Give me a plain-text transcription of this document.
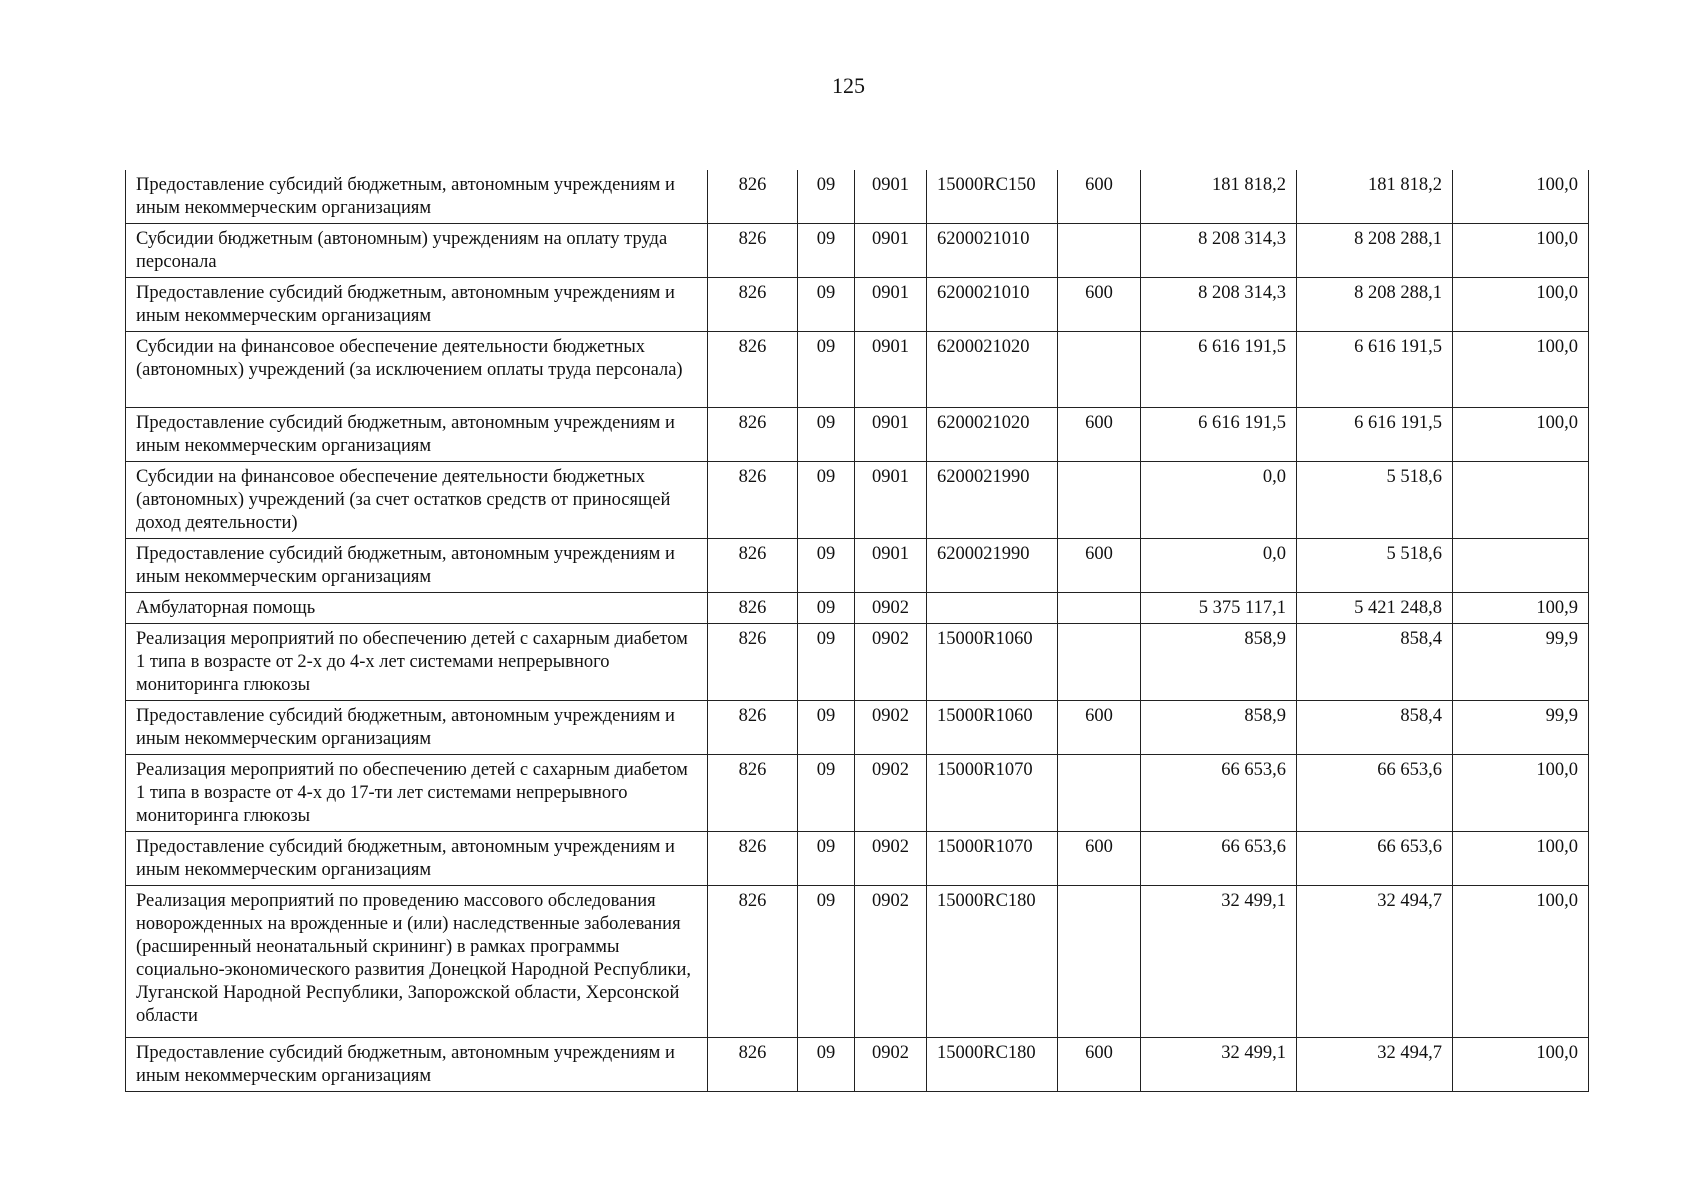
125
Предоставление субсидий бюджетным, автономным учреждениям и иным некоммерческим организациям	826	09	0901	15000RC150	600	181 818,2	181 818,2	100,0
Субсидии бюджетным (автономным) учреждениям на оплату труда персонала	826	09	0901	6200021010		8 208 314,3	8 208 288,1	100,0
Предоставление субсидий бюджетным, автономным учреждениям и иным некоммерческим организациям	826	09	0901	6200021010	600	8 208 314,3	8 208 288,1	100,0
Субсидии на финансовое обеспечение деятельности бюджетных (автономных) учреждений (за исключением оплаты труда персонала)	826	09	0901	6200021020		6 616 191,5	6 616 191,5	100,0
Предоставление субсидий бюджетным, автономным учреждениям и иным некоммерческим организациям	826	09	0901	6200021020	600	6 616 191,5	6 616 191,5	100,0
Субсидии на финансовое обеспечение деятельности бюджетных (автономных) учреждений (за счет остатков средств от приносящей доход деятельности)	826	09	0901	6200021990		0,0	5 518,6	
Предоставление субсидий бюджетным, автономным учреждениям и иным некоммерческим организациям	826	09	0901	6200021990	600	0,0	5 518,6	
Амбулаторная помощь	826	09	0902			5 375 117,1	5 421 248,8	100,9
Реализация мероприятий по обеспечению детей с сахарным диабетом 1 типа в возрасте от 2-х до 4-х лет системами непрерывного мониторинга глюкозы	826	09	0902	15000R1060		858,9	858,4	99,9
Предоставление субсидий бюджетным, автономным учреждениям и иным некоммерческим организациям	826	09	0902	15000R1060	600	858,9	858,4	99,9
Реализация мероприятий по обеспечению детей с сахарным диабетом 1 типа в возрасте от 4-х до 17-ти лет системами непрерывного мониторинга глюкозы	826	09	0902	15000R1070		66 653,6	66 653,6	100,0
Предоставление субсидий бюджетным, автономным учреждениям и иным некоммерческим организациям	826	09	0902	15000R1070	600	66 653,6	66 653,6	100,0
Реализация мероприятий по проведению массового обследования новорожденных на врожденные и (или) наследственные заболевания (расширенный неонатальный скрининг) в рамках программы социально-экономического развития Донецкой Народной Республики, Луганской Народной Республики, Запорожской области, Херсонской области	826	09	0902	15000RC180		32 499,1	32 494,7	100,0
Предоставление субсидий бюджетным, автономным учреждениям и иным некоммерческим организациям	826	09	0902	15000RC180	600	32 499,1	32 494,7	100,0
